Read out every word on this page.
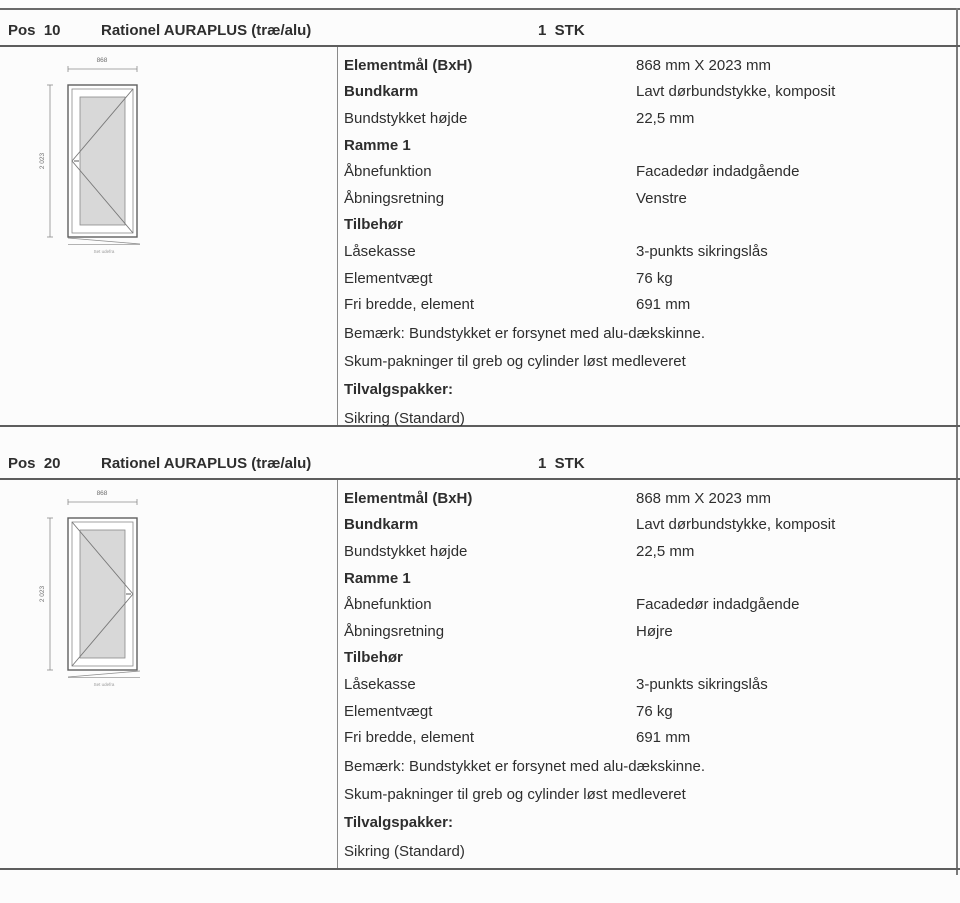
Pos  10	Rationel AURAPLUS (træ/alu)	1  STK
868
2 023
Set udefra
Elementmål (BxH)	868 mm X 2023 mm
Bundkarm	Lavt dørbundstykke, komposit
Bundstykket højde	22,5 mm
Ramme 1
Åbnefunktion	Facadedør indadgående
Åbningsretning	Venstre
Tilbehør
Låsekasse	3-punkts sikringslås
Elementvægt	76 kg
Fri bredde, element	691 mm
Bemærk: Bundstykket er forsynet med alu-dækskinne.
Skum-pakninger til greb og cylinder løst medleveret
Tilvalgspakker:
Sikring (Standard)
Pos  20	Rationel AURAPLUS (træ/alu)	1  STK
868
2 023
Set udefra
Elementmål (BxH)	868 mm X 2023 mm
Bundkarm	Lavt dørbundstykke, komposit
Bundstykket højde	22,5 mm
Ramme 1
Åbnefunktion	Facadedør indadgående
Åbningsretning	Højre
Tilbehør
Låsekasse	3-punkts sikringslås
Elementvægt	76 kg
Fri bredde, element	691 mm
Bemærk: Bundstykket er forsynet med alu-dækskinne.
Skum-pakninger til greb og cylinder løst medleveret
Tilvalgspakker:
Sikring (Standard)
